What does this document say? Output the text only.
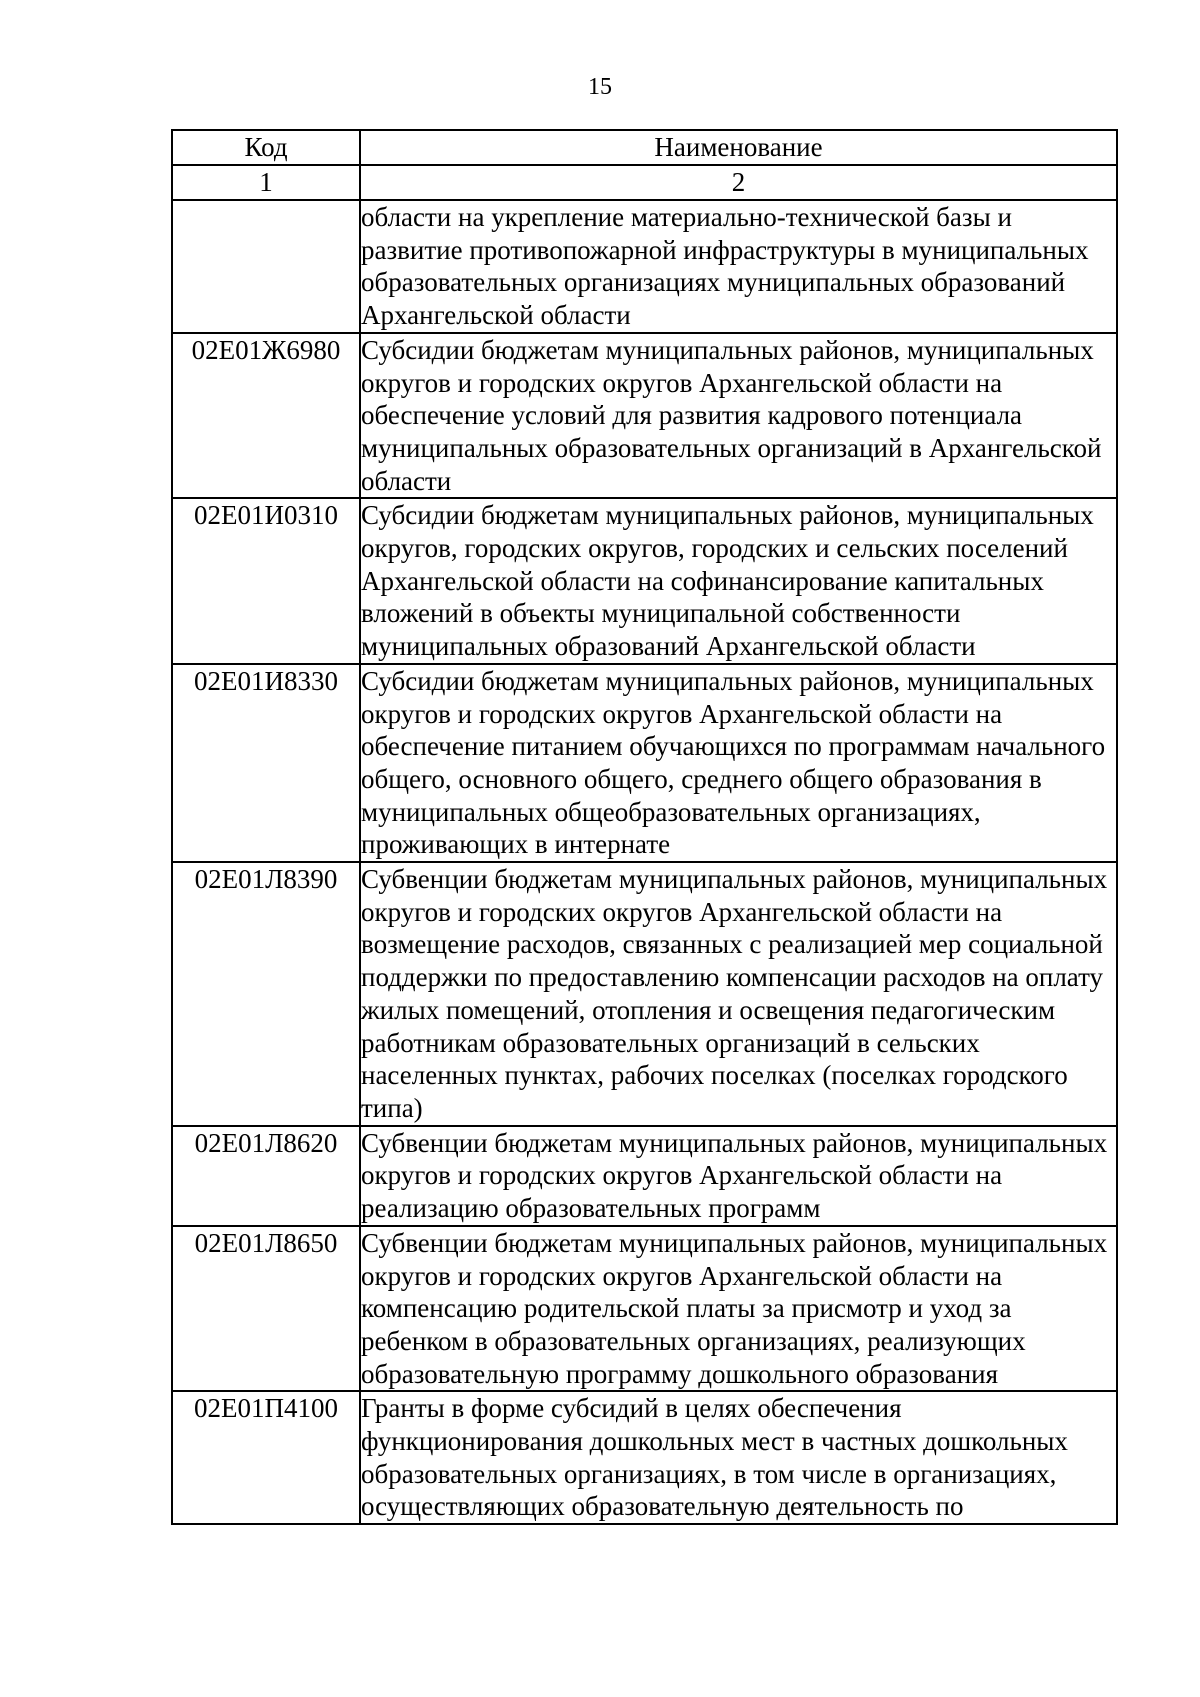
15
Код	Наименование
1	2
	области на укрепление материально-технической базы и развитие противопожарной инфраструктуры в муниципальных образовательных организациях муниципальных образований Архангельской области
02Е01Ж6980	Субсидии бюджетам муниципальных районов, муниципальных округов и городских округов Архангельской области на обеспечение условий для развития кадрового потенциала муниципальных образовательных организаций в Архангельской области
02Е01И0310	Субсидии бюджетам муниципальных районов, муниципальных округов, городских округов, городских и сельских поселений Архангельской области на софинансирование капитальных вложений в объекты муниципальной собственности муниципальных образований Архангельской области
02Е01И8330	Субсидии бюджетам муниципальных районов, муниципальных округов и городских округов Архангельской области на обеспечение питанием обучающихся по программам начального общего, основного общего, среднего общего образования в муниципальных общеобразовательных организациях, проживающих в интернате
02Е01Л8390	Субвенции бюджетам муниципальных районов, муниципальных округов и городских округов Архангельской области на возмещение расходов, связанных с реализацией мер социальной поддержки по предоставлению компенсации расходов на оплату жилых помещений, отопления и освещения педагогическим работникам образовательных организаций в сельских населенных пунктах, рабочих поселках (поселках городского типа)
02Е01Л8620	Субвенции бюджетам муниципальных районов, муниципальных округов и городских округов Архангельской области на реализацию образовательных программ
02Е01Л8650	Субвенции бюджетам муниципальных районов, муниципальных округов и городских округов Архангельской области на компенсацию родительской платы за присмотр и уход за ребенком в образовательных организациях, реализующих образовательную программу дошкольного образования
02Е01П4100	Гранты в форме субсидий в целях обеспечения функционирования дошкольных мест в частных дошкольных образовательных организациях, в том числе в организациях, осуществляющих образовательную деятельность по
